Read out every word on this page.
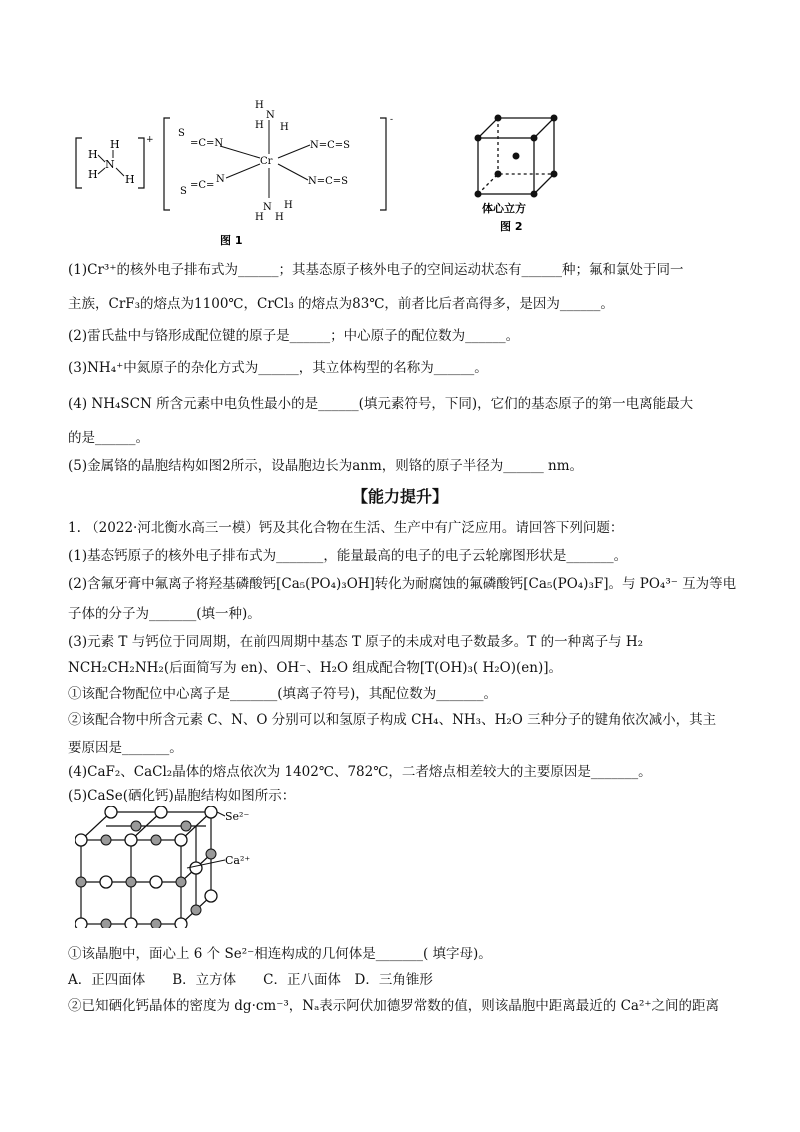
H
H
N
H H
+
-
H
N
H
H
Cr
S
=C=N
S
=C=
N
N=C=S
N=C=S
N
H H
H
图 1
体心立方
图 2
(1)Cr³⁺的核外电子排布式为______；其基态原子核外电子的空间运动状态有______种；氟和氯处于同一
主族，CrF₃的熔点为1100℃，CrCl₃ 的熔点为83℃，前者比后者高得多，是因为______。
(2)雷氏盐中与铬形成配位键的原子是______；中心原子的配位数为______。
(3)NH₄⁺中氮原子的杂化方式为______，其立体构型的名称为______。
(4) NH₄SCN 所含元素中电负性最小的是______(填元素符号，下同)，它们的基态原子的第一电离能最大
的是______。
(5)金属铬的晶胞结构如图2所示，设晶胞边长为anm，则铬的原子半径为______ nm。
【能力提升】
1. （2022·河北衡水高三一模）钙及其化合物在生活、生产中有广泛应用。请回答下列问题：
(1)基态钙原子的核外电子排布式为_______，能量最高的电子的电子云轮廓图形状是_______。
(2)含氟牙膏中氟离子将羟基磷酸钙[Ca₅(PO₄)₃OH]转化为耐腐蚀的氟磷酸钙[Ca₅(PO₄)₃F]。与 PO₄³⁻ 互为等电
子体的分子为_______(填一种)。
(3)元素 T 与钙位于同周期，在前四周期中基态 T 原子的未成对电子数最多。T 的一种离子与 H₂
NCH₂CH₂NH₂(后面简写为 en)、OH⁻、H₂O 组成配合物[T(OH)₃( H₂O)(en)]。
①该配合物配位中心离子是_______(填离子符号)，其配位数为_______。
②该配合物中所含元素 C、N、O 分别可以和氢原子构成 CH₄、NH₃、H₂O 三种分子的键角依次减小，其主
要原因是_______。
(4)CaF₂、CaCl₂晶体的熔点依次为 1402℃、782℃，二者熔点相差较大的主要原因是_______。
(5)CaSe(硒化钙)晶胞结构如图所示：
Se²⁻
Ca²⁺
①该晶胞中，面心上 6 个 Se²⁻相连构成的几何体是_______( 填字母)。
A．正四面体　　B．立方体　　C．正八面体　D．三角锥形
②已知硒化钙晶体的密度为 dg·cm⁻³，Nₐ表示阿伏加德罗常数的值，则该晶胞中距离最近的 Ca²⁺之间的距离
